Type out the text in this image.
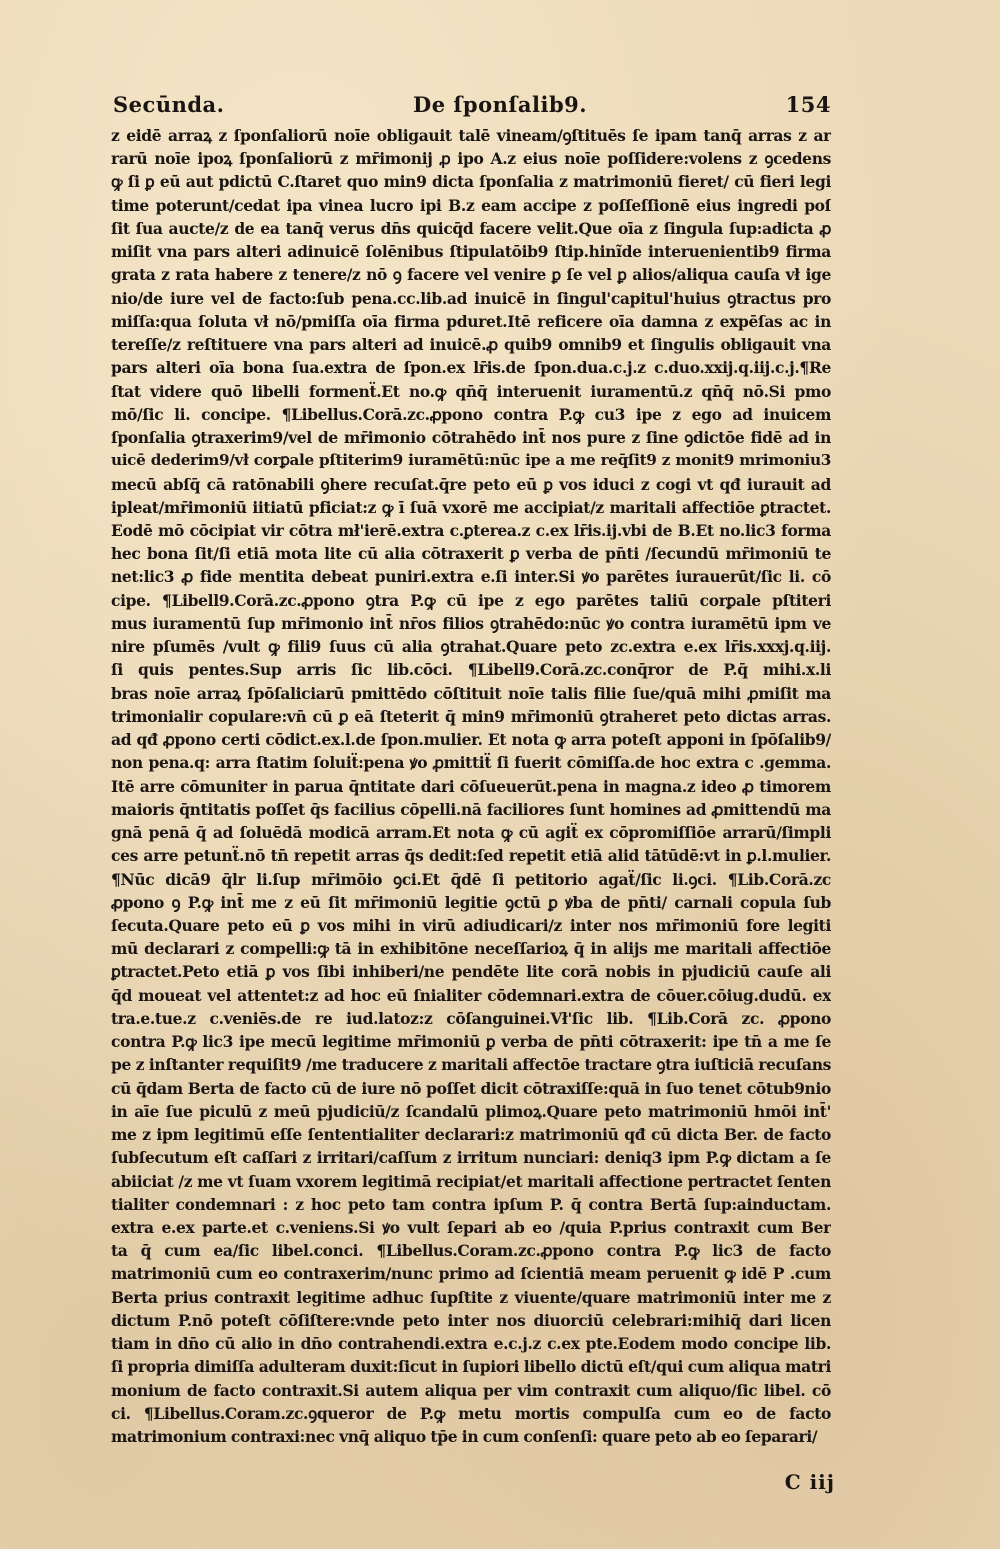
Secūnda.	De ſponſalib9.	154
z eidē arraꝝ z ſponſaliorū noīe obligauit talē vineam/ꝯſtituēs ſe ipam tanq̄ arras z ar
rarū noīe ipoꝝ ſponſaliorū z mr̄imonij ꝓ ipo A.z eius noīe poſſidere:volens z ꝯcedens
ꝙ ſi ꝑ eū aut pdictū C.ſtaret quo min9 dicta ſponſalia z matrimoniū fieret/ cū fieri legi
time poterunt/cedat ipa vinea lucro ipi B.z eam accipe z poſſeſſionē eius ingredi poſ
ſit ſua aucte/z de ea tanq̄ verus dn̄s quicq̄d facere velit.Que oīa z ſingula ſup:adicta ꝓ
miſit vna pars alteri adinuicē ſolēnibus ſtipulatōib9 ſtip.hinĩde interuenientib9 firma
grata z rata habere z tenere/z nō ꝯ facere vel venire ꝑ ſe vel ꝑ alios/aliqua cauſa vł ige
nio/de iure vel de facto:ſub pena.cc.lib.ad inuicē in ſingul'capitul'huius ꝯtractus pro
miſſa:qua ſoluta vł nō/pmiſſa oīa firma pduret.Itē reficere oīa damna z expēſas ac in
tereſſe/z reſtituere vna pars alteri ad inuicē.ꝓ quib9 omnib9 et ſingulis obligauit vna
pars alteri oīa bona ſua.extra de ſpon.ex lr̄is.de ſpon.dua.c.j.z c.duo.xxij.q.iij.c.j.¶Re
ſtat videre quō libelli formenẗ.Et no.ꝙ qn̄q̄ interuenit iuramentū.z qn̄q̄ nō.Si pmo
mō/ſic li. concipe. ¶Libellus.Corā.zc.ꝓpono contra P.ꝙ cu3 ipe z ego ad inuicem
ſponſalia ꝯtraxerim9/vel de mr̄imonio cōtrahēdo int̄ nos pure z ſine ꝯdictōe fidē ad in
uicē dederim9/vł corꝑale pſtiterim9 iuramētū:nūc ipe a me req̄ſit9 z monit9 mrimoniu3
mecū abſq̄ cā ratōnabili ꝯhere recuſat.q̄re peto eū ꝑ vos iduci z cogi vt qđ iurauit ad
ipleat/mr̄imoniū iitiatū pficiat:z ꝙ ī ſuā vxorē me accipiat/z maritali affectiōe ꝑtractet.
Eodē mō cōcipiat vir cōtra mł'ierē.extra c.ꝑterea.z c.ex lr̄is.ij.vbi de B.Et no.lic3 forma
hec bona ſit/ſi etiā mota lite cū alia cōtraxerit ꝑ verba de pn̄ti /ſecundū mr̄imoniū te
net:lic3 ꝓ fide mentita debeat puniri.extra e.ſi inter.Si ꝟo parētes iurauerūt/ſic li. cō
cipe. ¶Libell9.Corā.zc.ꝓpono ꝯtra P.ꝙ cū ipe z ego parētes taliū corꝑale pſtiteri
mus iuramentū ſup mr̄imonio int̄ nr̄os filios ꝯtrahēdo:nūc ꝟo contra iuramētū ipm ve
nire pſumēs /vult ꝙ fili9 ſuus cū alia ꝯtrahat.Quare peto zc.extra e.ex lr̄is.xxxj.q.iij.
ſi quis pentes.Sup arris ſic lib.cōci. ¶Libell9.Corā.zc.conq̄ror de P.q̄ mihi.x.li
bras noīe arraꝝ ſpōſaliciarū pmittēdo cōſtituit noīe talis filie ſue/quā mihi ꝓmiſit ma
trimonialir copulare:vn̄ cū ꝑ eā ſteterit q̄ min9 mr̄imoniū ꝯtraheret peto dictas arras.
ad qđ ꝓpono certi cōdict.ex.l.de ſpon.mulier. Et nota ꝙ arra poteſt apponi in ſpōſalib9/
non pena.q: arra ſtatim ſoluiẗ:pena ꝟo ꝓmittiẗ ſi fuerit cōmiſſa.de hoc extra c .gemma.
Itē arre cōmuniter in parua q̄ntitate dari cōſueuerūt.pena in magna.z ideo ꝓ timorem
maioris q̄ntitatis poſſet q̄s facilius cōpelli.nā faciliores ſunt homines ad ꝓmittendū ma
gnā penā q̄ ad ſoluēdā modicā arram.Et nota ꝙ cū agiẗ ex cōpromiſſiōe arrarū/ſimpli
ces arre petunẗ.nō tn̄ repetit arras q̄s dedit:ſed repetit etiā alid tātūdē:vt in ꝑ.l.mulier.
¶Nūc dicā9 q̄lr li.ſup mr̄imōio ꝯci.Et q̄dē ſi petitorio agaẗ/ſic li.ꝯci. ¶Lib.Corā.zc
ꝓpono ꝯ P.ꝙ int̄ me z eū ſit mr̄imoniū legitie ꝯctū ꝑ ꝟba de pn̄ti/ carnali copula ſub
ſecuta.Quare peto eū ꝑ vos mihi in virū adiudicari/z inter nos mr̄imoniū fore legiti
mū declarari z compelli:ꝙ tā in exhibitōne neceſſarioꝝ q̄ in alijs me maritali affectiōe
ꝑtractet.Peto etiā ꝑ vos ſibi inhiberi/ne pendēte lite corā nobis in pjudiciū cauſe ali
q̄d moueat vel attentet:z ad hoc eū ſnialiter cōdemnari.extra de cōuer.cōiug.dudū. ex
tra.e.tue.z c.veniēs.de re iud.latoz:z cōſanguinei.Vł'ſic lib. ¶Lib.Corā zc. ꝓpono
contra P.ꝙ lic3 ipe mecū legitime mr̄imoniū ꝑ verba de pn̄ti cōtraxerit: ipe tn̄ a me ſe
pe z inſtanter requiſit9 /me traducere z maritali affectōe tractare ꝯtra iuſticiā recuſans
cū q̄dam Berta de facto cū de iure nō poſſet dicit cōtraxiſſe:quā in ſuo tenet cōtub9nio
in aīe ſue piculū z meū pjudiciū/z ſcandalū plimoꝝ.Quare peto matrimoniū hmōi int̄'
me z ipm legitimū eſſe ſententialiter declarari:z matrimoniū qđ cū dicta Ber. de facto
ſubſecutum eſt caſſari z irritari/caſſum z irritum nunciari: deniq3 ipm P.ꝙ dictam a ſe
abiiciat /z me vt ſuam vxorem legitimā recipiat/et maritali affectione pertractet ſenten
tialiter condemnari : z hoc peto tam contra ipſum P. q̄ contra Bertā ſup:ainductam.
extra e.ex parte.et c.veniens.Si ꝟo vult ſepari ab eo /quia P.prius contraxit cum Ber
ta q̄ cum ea/ſic libel.conci. ¶Libellus.Coram.zc.ꝓpono contra P.ꝙ lic3 de facto
matrimoniū cum eo contraxerim/nunc primo ad ſcientiā meam peruenit ꝙ idē P .cum
Berta prius contraxit legitime adhuc ſupſtite z viuente/quare matrimoniū inter me z
dictum P.nō poteſt cōſiſtere:vnde peto inter nos diuorciū celebrari:mihiq̄ dari licen
tiam in dn̄o cū alio in dn̄o contrahendi.extra e.c.j.z c.ex pte.Eodem modo concipe lib.
ſi propria dimiſſa adulteram duxit:ſicut in ſupiori libello dictū eſt/qui cum aliqua matri
monium de facto contraxit.Si autem aliqua per vim contraxit cum aliquo/ſic libel. cō
ci. ¶Libellus.Coram.zc.ꝯqueror de P.ꝙ metu mortis compulſa cum eo de facto
matrimonium contraxi:nec vnq̄ aliquo tp̄e in cum conſenſi: quare peto ab eo ſeparari/
C iij
